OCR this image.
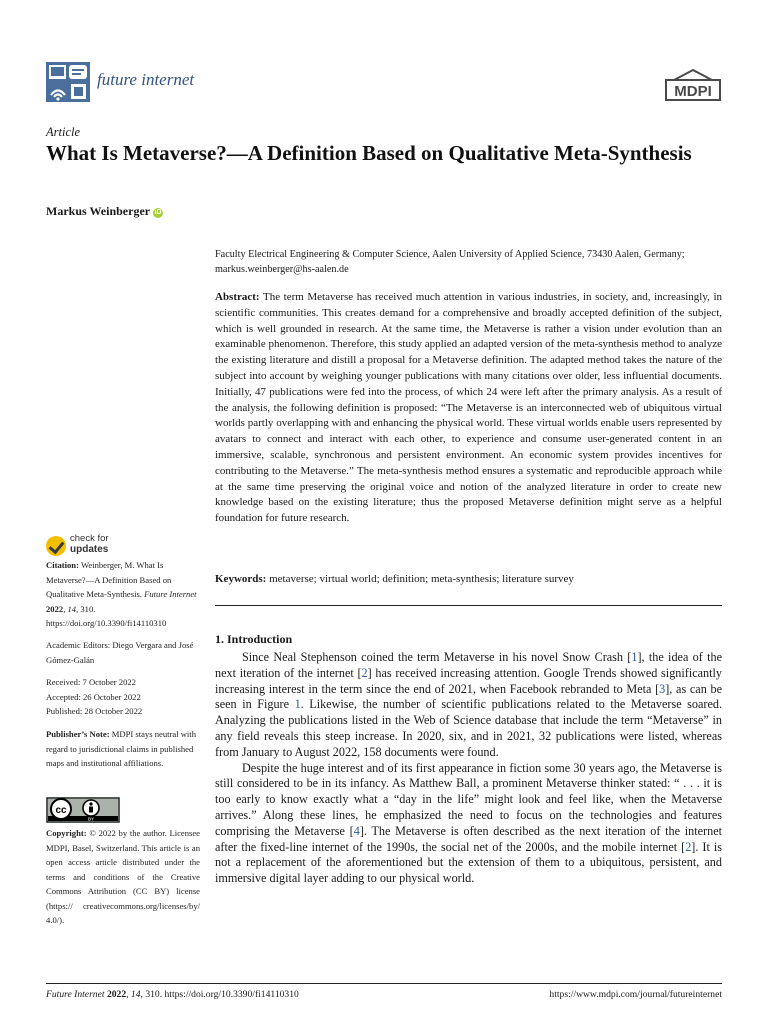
future internet
MDPI
Article
What Is Metaverse?—A Definition Based on Qualitative Meta-Synthesis
Markus Weinberger iD
Faculty Electrical Engineering & Computer Science, Aalen University of Applied Science, 73430 Aalen, Germany;
markus.weinberger@hs-aalen.de
Abstract: The term Metaverse has received much attention in various industries, in society, and, increasingly, in scientific communities. This creates demand for a comprehensive and broadly accepted definition of the subject, which is well grounded in research. At the same time, the Metaverse is rather a vision under evolution than an examinable phenomenon. Therefore, this study applied an adapted version of the meta-synthesis method to analyze the existing literature and distill a proposal for a Metaverse definition. The adapted method takes the nature of the subject into account by weighing younger publications with many citations over older, less influential documents. Initially, 47 publications were fed into the process, of which 24 were left after the primary analysis. As a result of the analysis, the following definition is proposed: “The Metaverse is an interconnected web of ubiquitous virtual worlds partly overlapping with and enhancing the physical world. These virtual worlds enable users represented by avatars to connect and interact with each other, to experience and consume user-generated content in an immersive, scalable, synchronous and persistent environment. An economic system provides incentives for contributing to the Metaverse.” The meta-synthesis method ensures a systematic and reproducible approach while at the same time preserving the original voice and notion of the analyzed literature in order to create new knowledge based on the existing literature; thus the proposed Metaverse definition might serve as a helpful foundation for future research.
Keywords: metaverse; virtual world; definition; meta-synthesis; literature survey
1. Introduction

Since Neal Stephenson coined the term Metaverse in his novel Snow Crash [1], the idea of the next iteration of the internet [2] has received increasing attention. Google Trends showed significantly increasing interest in the term since the end of 2021, when Facebook rebranded to Meta [3], as can be seen in Figure 1. Likewise, the number of scientific publications related to the Metaverse soared. Analyzing the publications listed in the Web of Science database that include the term “Metaverse” in any field reveals this steep increase. In 2020, six, and in 2021, 32 publications were listed, whereas from January to August 2022, 158 documents were found.

Despite the huge interest and of its first appearance in fiction some 30 years ago, the Metaverse is still considered to be in its infancy. As Matthew Ball, a prominent Metaverse thinker stated: “ . . . it is too early to know exactly what a “day in the life” might look and feel like, when the Metaverse arrives.” Along these lines, he emphasized the need to focus on the technologies and features comprising the Metaverse [4]. The Metaverse is often described as the next iteration of the internet after the fixed-line internet of the 1990s, the social net of the 2000s, and the mobile internet [2]. It is not a replacement of the aforementioned but the extension of them to a ubiquitous, persistent, and immersive digital layer adding to our physical world.

check for
updates
Citation: Weinberger, M. What Is Metaverse?—A Definition Based on Qualitative Meta-Synthesis. Future Internet 2022, 14, 310. https://doi.org/10.3390/fi14110310
Academic Editors: Diego Vergara and José Gómez-Galán
Received: 7 October 2022
Accepted: 26 October 2022
Published: 28 October 2022
Publisher’s Note: MDPI stays neutral with regard to jurisdictional claims in published maps and institutional affiliations.
cc
BY
Copyright: © 2022 by the author. Licensee MDPI, Basel, Switzerland. This article is an open access article distributed under the terms and conditions of the Creative Commons Attribution (CC BY) license (https:// creativecommons.org/licenses/by/ 4.0/).
Future Internet 2022, 14, 310. https://doi.org/10.3390/fi14110310	https://www.mdpi.com/journal/futureinternet
